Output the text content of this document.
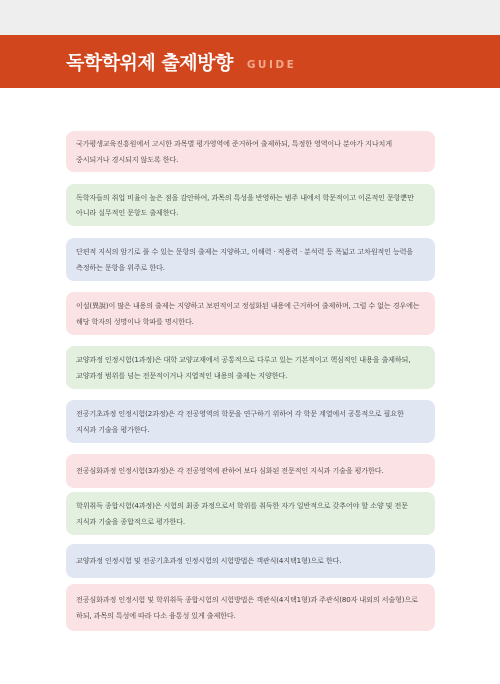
독학학위제 출제방향 GUIDE

국가평생교육진흥원에서 고시한 과목별 평가영역에 준거하여 출제하되, 특정한 영역이나 분야가 지나치게 중시되거나 경시되지 않도록 한다.

독학자들의 취업 비율이 높은 점을 감안하여, 과목의 특성을 반영하는 범주 내에서 학문적이고 이론적인 문항뿐만 아니라 실무적인 문항도 출제한다.

단편적 지식의 암기로 풀 수 있는 문항의 출제는 지양하고, 이해력 · 적용력 · 분석력 등 폭넓고 고차원적인 능력을 측정하는 문항을 위주로 한다.

이설(異說)이 많은 내용의 출제는 지양하고 보편적이고 정설화된 내용에 근거하여 출제하며, 그럴 수 없는 경우에는 해당 학자의 성명이나 학파를 명시한다.

교양과정 인정시험(1과정)은 대학 교양교재에서 공통적으로 다루고 있는 기본적이고 핵심적인 내용을 출제하되, 교양과정 범위를 넘는 전문적이거나 지엽적인 내용의 출제는 지양한다.

전공기초과정 인정시험(2과정)은 각 전공영역의 학문을 연구하기 위하여 각 학문 계열에서 공통적으로 필요한 지식과 기술을 평가한다.

전공심화과정 인정시험(3과정)은 각 전공영역에 관하여 보다 심화된 전문적인 지식과 기술을 평가한다.

학위취득 종합시험(4과정)은 시험의 최종 과정으로서 학위를 취득한 자가 일반적으로 갖추어야 할 소양 및 전문 지식과 기술을 종합적으로 평가한다.

교양과정 인정시험 및 전공기초과정 인정시험의 시험방법은 객관식(4지택1형)으로 한다.

전공심화과정 인정시험 및 학위취득 종합시험의 시험방법은 객관식(4지택1형)과 주관식(80자 내외의 서술형)으로 하되, 과목의 특성에 따라 다소 융통성 있게 출제한다.
